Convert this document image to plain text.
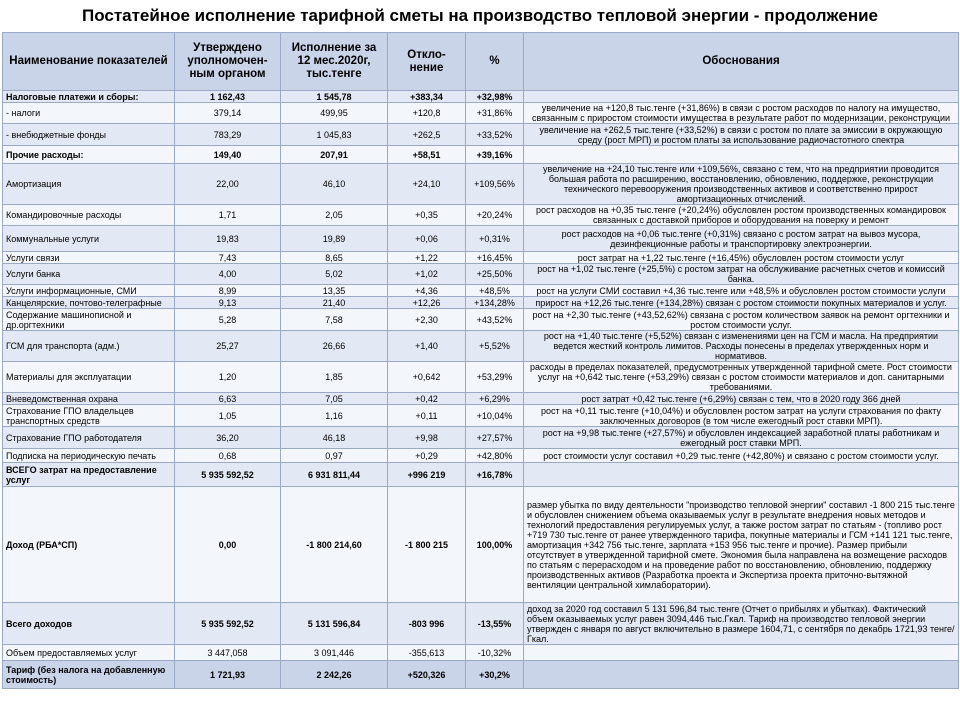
Постатейное исполнение тарифной сметы на производство тепловой энергии - продолжение
Наименование показателей	Утверждено уполномочен-ным органом	Исполнение за 12 мес.2020г, тыс.тенге	Откло-нение	%	Обоснования
Налоговые платежи и сборы:	1 162,43	1 545,78	+383,34	+32,98%	
- налоги	379,14	499,95	+120,8	+31,86%	увеличение на +120,8 тыс.тенге (+31,86%) в связи с ростом расходов по налогу на имущество, связанным с приростом стоимости имущества в результате работ по модернизации, реконструкции
- внебюджетные фонды	783,29	1 045,83	+262,5	+33,52%	увеличение на +262,5 тыс.тенге (+33,52%) в связи с ростом по плате за эмиссии в окружающую среду (рост МРП) и ростом платы за использование радиочастотного спектра
Прочие расходы:	149,40	207,91	+58,51	+39,16%	
Амортизация	22,00	46,10	+24,10	+109,56%	увеличение на +24,10 тыс.тенге или +109,56%, связано с тем, что на предприятии проводится большая работа по расширению, восстановлению, обновлению, поддержке, реконструкции технического перевооружения производственных активов и соответственно прирост амортизационных отчислений.
Командировочные расходы	1,71	2,05	+0,35	+20,24%	рост расходов на +0,35 тыс.тенге (+20,24%) обусловлен ростом производственных командировок связанных с доставкой приборов и оборудования на поверку и ремонт
Коммунальные услуги	19,83	19,89	+0,06	+0,31%	рост расходов на +0,06 тыс.тенге (+0,31%) связано с ростом затрат на вывоз мусора, дезинфекционные работы и транспортировку электроэнергии.
Услуги связи	7,43	8,65	+1,22	+16,45%	рост затрат на +1,22 тыс.тенге (+16,45%) обусловлен ростом стоимости услуг
Услуги банка	4,00	5,02	+1,02	+25,50%	рост на +1,02 тыс.тенге (+25,5%) с ростом затрат на обслуживание расчетных счетов и комиссий банка.
Услуги информационные, СМИ	8,99	13,35	+4,36	+48,5%	рост на услуги СМИ составил +4,36 тыс.тенге или +48,5% и обусловлен ростом стоимости услуги
Канцелярские, почтово-телеграфные	9,13	21,40	+12,26	+134,28%	прирост на +12,26 тыс.тенге (+134,28%) связан с ростом стоимости покупных материалов и услуг.
Содержание машинописной и др.оргтехники	5,28	7,58	+2,30	+43,52%	рост на +2,30 тыс.тенге (+43,52,62%) связана с ростом количеством заявок на ремонт оргтехники и ростом стоимости услуг.
ГСМ для транспорта (адм.)	25,27	26,66	+1,40	+5,52%	рост на +1,40 тыс.тенге (+5,52%) связан с изменениями цен на ГСМ и масла. На предприятии ведется жесткий контроль лимитов. Расходы понесены в пределах утвержденных норм и нормативов.
Материалы для эксплуатации	1,20	1,85	+0,642	+53,29%	расходы в пределах показателей, предусмотренных утвержденной тарифной смете. Рост стоимости услуг на +0,642 тыс.тенге (+53,29%) связан с ростом стоимости материалов и доп. санитарными требованиями.
Вневедомственная охрана	6,63	7,05	+0,42	+6,29%	рост затрат +0,42 тыс.тенге (+6,29%) связан с тем, что в 2020 году 366 дней
Страхование ГПО владельцев транспортных средств	1,05	1,16	+0,11	+10,04%	рост на +0,11 тыс.тенге (+10,04%) и обусловлен ростом затрат на услуги страхования по факту заключенных договоров (в том числе ежегодный рост ставки МРП).
Страхование ГПО работодателя	36,20	46,18	+9,98	+27,57%	рост на +9,98 тыс.тенге (+27,57%) и обусловлен индексацией заработной платы работникам и ежегодный рост ставки МРП.
Подписка на периодическую печать	0,68	0,97	+0,29	+42,80%	рост стоимости услуг составил +0,29 тыс.тенге (+42,80%) и связано с ростом стоимости услуг.
ВСЕГО затрат на предоставление услуг	5 935 592,52	6 931 811,44	+996 219	+16,78%	
Доход (РБА*СП)	0,00	-1 800 214,60	-1 800 215	100,00%	размер убытка по виду деятельности "производство тепловой энергии" составил -1 800 215 тыс.тенге и обусловлен снижением объема оказываемых услуг в результате внедрения новых методов и технологий предоставления регулируемых услуг, а также ростом затрат по статьям - (топливо рост +719 730 тыс.тенге от ранее утвержденного тарифа, покупные материалы и ГСМ +141 121 тыс.тенге, амортизация +342 756 тыс.тенге, зарплата +153 956 тыс.тенге и прочие). Размер прибыли отсутствует в утвержденной тарифной смете. Экономия была направлена на возмещение расходов по статьям с перерасходом и на проведение работ по восстановлению, обновлению, поддержку производственных активов (Разработка проекта и Экспертиза проекта приточно-вытяжной вентиляции центральной химлаборатории).
Всего доходов	5 935 592,52	5 131 596,84	-803 996	-13,55%	доход за 2020 год составил 5 131 596,84 тыс.тенге (Отчет о прибылях и убытках). Фактический объем оказываемых услуг равен 3094,446 тыс.Гкал. Тариф на производство тепловой энергии утвержден с января по август включительно в размере 1604,71, с сентября по декабрь 1721,93 тенге/Гкал.
Объем предоставляемых услуг	3 447,058	3 091,446	-355,613	-10,32%	
Тариф (без налога на добавленную стоимость)	1 721,93	2 242,26	+520,326	+30,2%	
